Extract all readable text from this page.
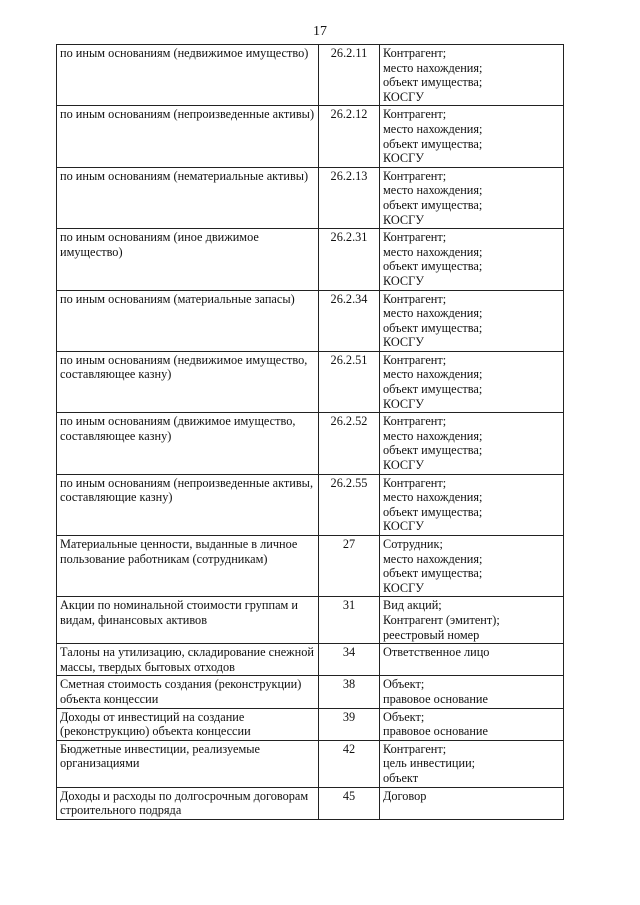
17
по иным основаниям (недвижимое имущество)	26.2.11	Контрагент;
место нахождения;
объект имущества;
КОСГУ

по иным основаниям (непроизведенные активы)	26.2.12	Контрагент;
место нахождения;
объект имущества;
КОСГУ

по иным основаниям (нематериальные активы)	26.2.13	Контрагент;
место нахождения;
объект имущества;
КОСГУ

по иным основаниям (иное движимое имущество)	26.2.31	Контрагент;
место нахождения;
объект имущества;
КОСГУ

по иным основаниям (материальные запасы)	26.2.34	Контрагент;
место нахождения;
объект имущества;
КОСГУ

по иным основаниям (недвижимое имущество, составляющее казну)	26.2.51	Контрагент;
место нахождения;
объект имущества;
КОСГУ

по иным основаниям (движимое имущество, составляющее казну)	26.2.52	Контрагент;
место нахождения;
объект имущества;
КОСГУ

по иным основаниям (непроизведенные активы, составляющие казну)	26.2.55	Контрагент;
место нахождения;
объект имущества;
КОСГУ

Материальные ценности, выданные в личное пользование работникам (сотрудникам)	27	Сотрудник;
место нахождения;
объект имущества;
КОСГУ

Акции по номинальной стоимости группам и видам, финансовых активов	31	Вид акций;
Контрагент (эмитент);
реестровый номер

Талоны на утилизацию, складирование снежной массы, твердых бытовых отходов	34	Ответственное лицо

Сметная стоимость создания (реконструкции) объекта концессии	38	Объект;
правовое основание

Доходы от инвестиций на создание (реконструкцию) объекта концессии	39	Объект;
правовое основание

Бюджетные инвестиции, реализуемые организациями	42	Контрагент;
цель инвестиции;
объект

Доходы и расходы по долгосрочным договорам строительного подряда	45	Договор
